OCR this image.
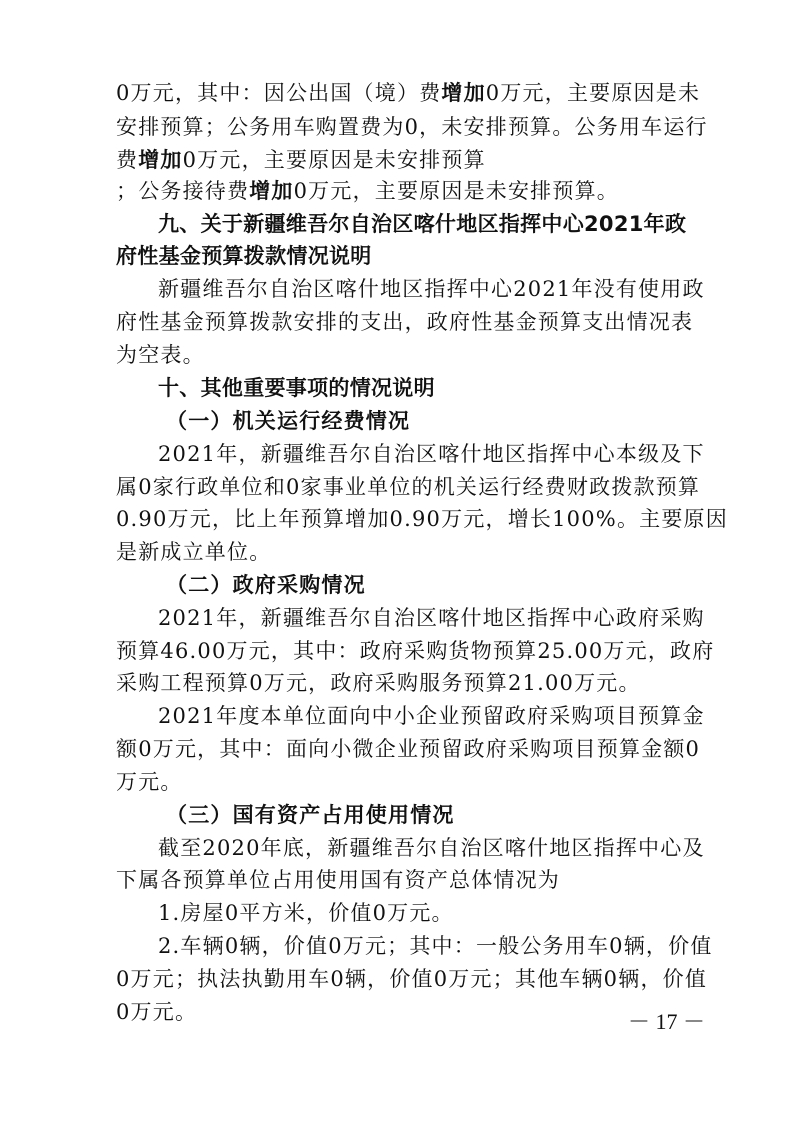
0万元，其中：因公出国（境）费增加0万元，主要原因是未
安排预算；公务用车购置费为0，未安排预算。公务用车运行
费增加0万元，主要原因是未安排预算
；公务接待费增加0万元，主要原因是未安排预算。
九、关于新疆维吾尔自治区喀什地区指挥中心2021年政
府性基金预算拨款情况说明
新疆维吾尔自治区喀什地区指挥中心2021年没有使用政
府性基金预算拨款安排的支出，政府性基金预算支出情况表
为空表。
十、其他重要事项的情况说明
（一）机关运行经费情况
2021年，新疆维吾尔自治区喀什地区指挥中心本级及下
属0家行政单位和0家事业单位的机关运行经费财政拨款预算
0.90万元，比上年预算增加0.90万元，增长100%。主要原因
是新成立单位。
（二）政府采购情况
2021年，新疆维吾尔自治区喀什地区指挥中心政府采购
预算46.00万元，其中：政府采购货物预算25.00万元，政府
采购工程预算0万元，政府采购服务预算21.00万元。
2021年度本单位面向中小企业预留政府采购项目预算金
额0万元，其中：面向小微企业预留政府采购项目预算金额0
万元。
（三）国有资产占用使用情况
截至2020年底，新疆维吾尔自治区喀什地区指挥中心及
下属各预算单位占用使用国有资产总体情况为
1.房屋0平方米，价值0万元。
2.车辆0辆，价值0万元；其中：一般公务用车0辆，价值
0万元；执法执勤用车0辆，价值0万元；其他车辆0辆，价值
0万元。	－ 17 －
